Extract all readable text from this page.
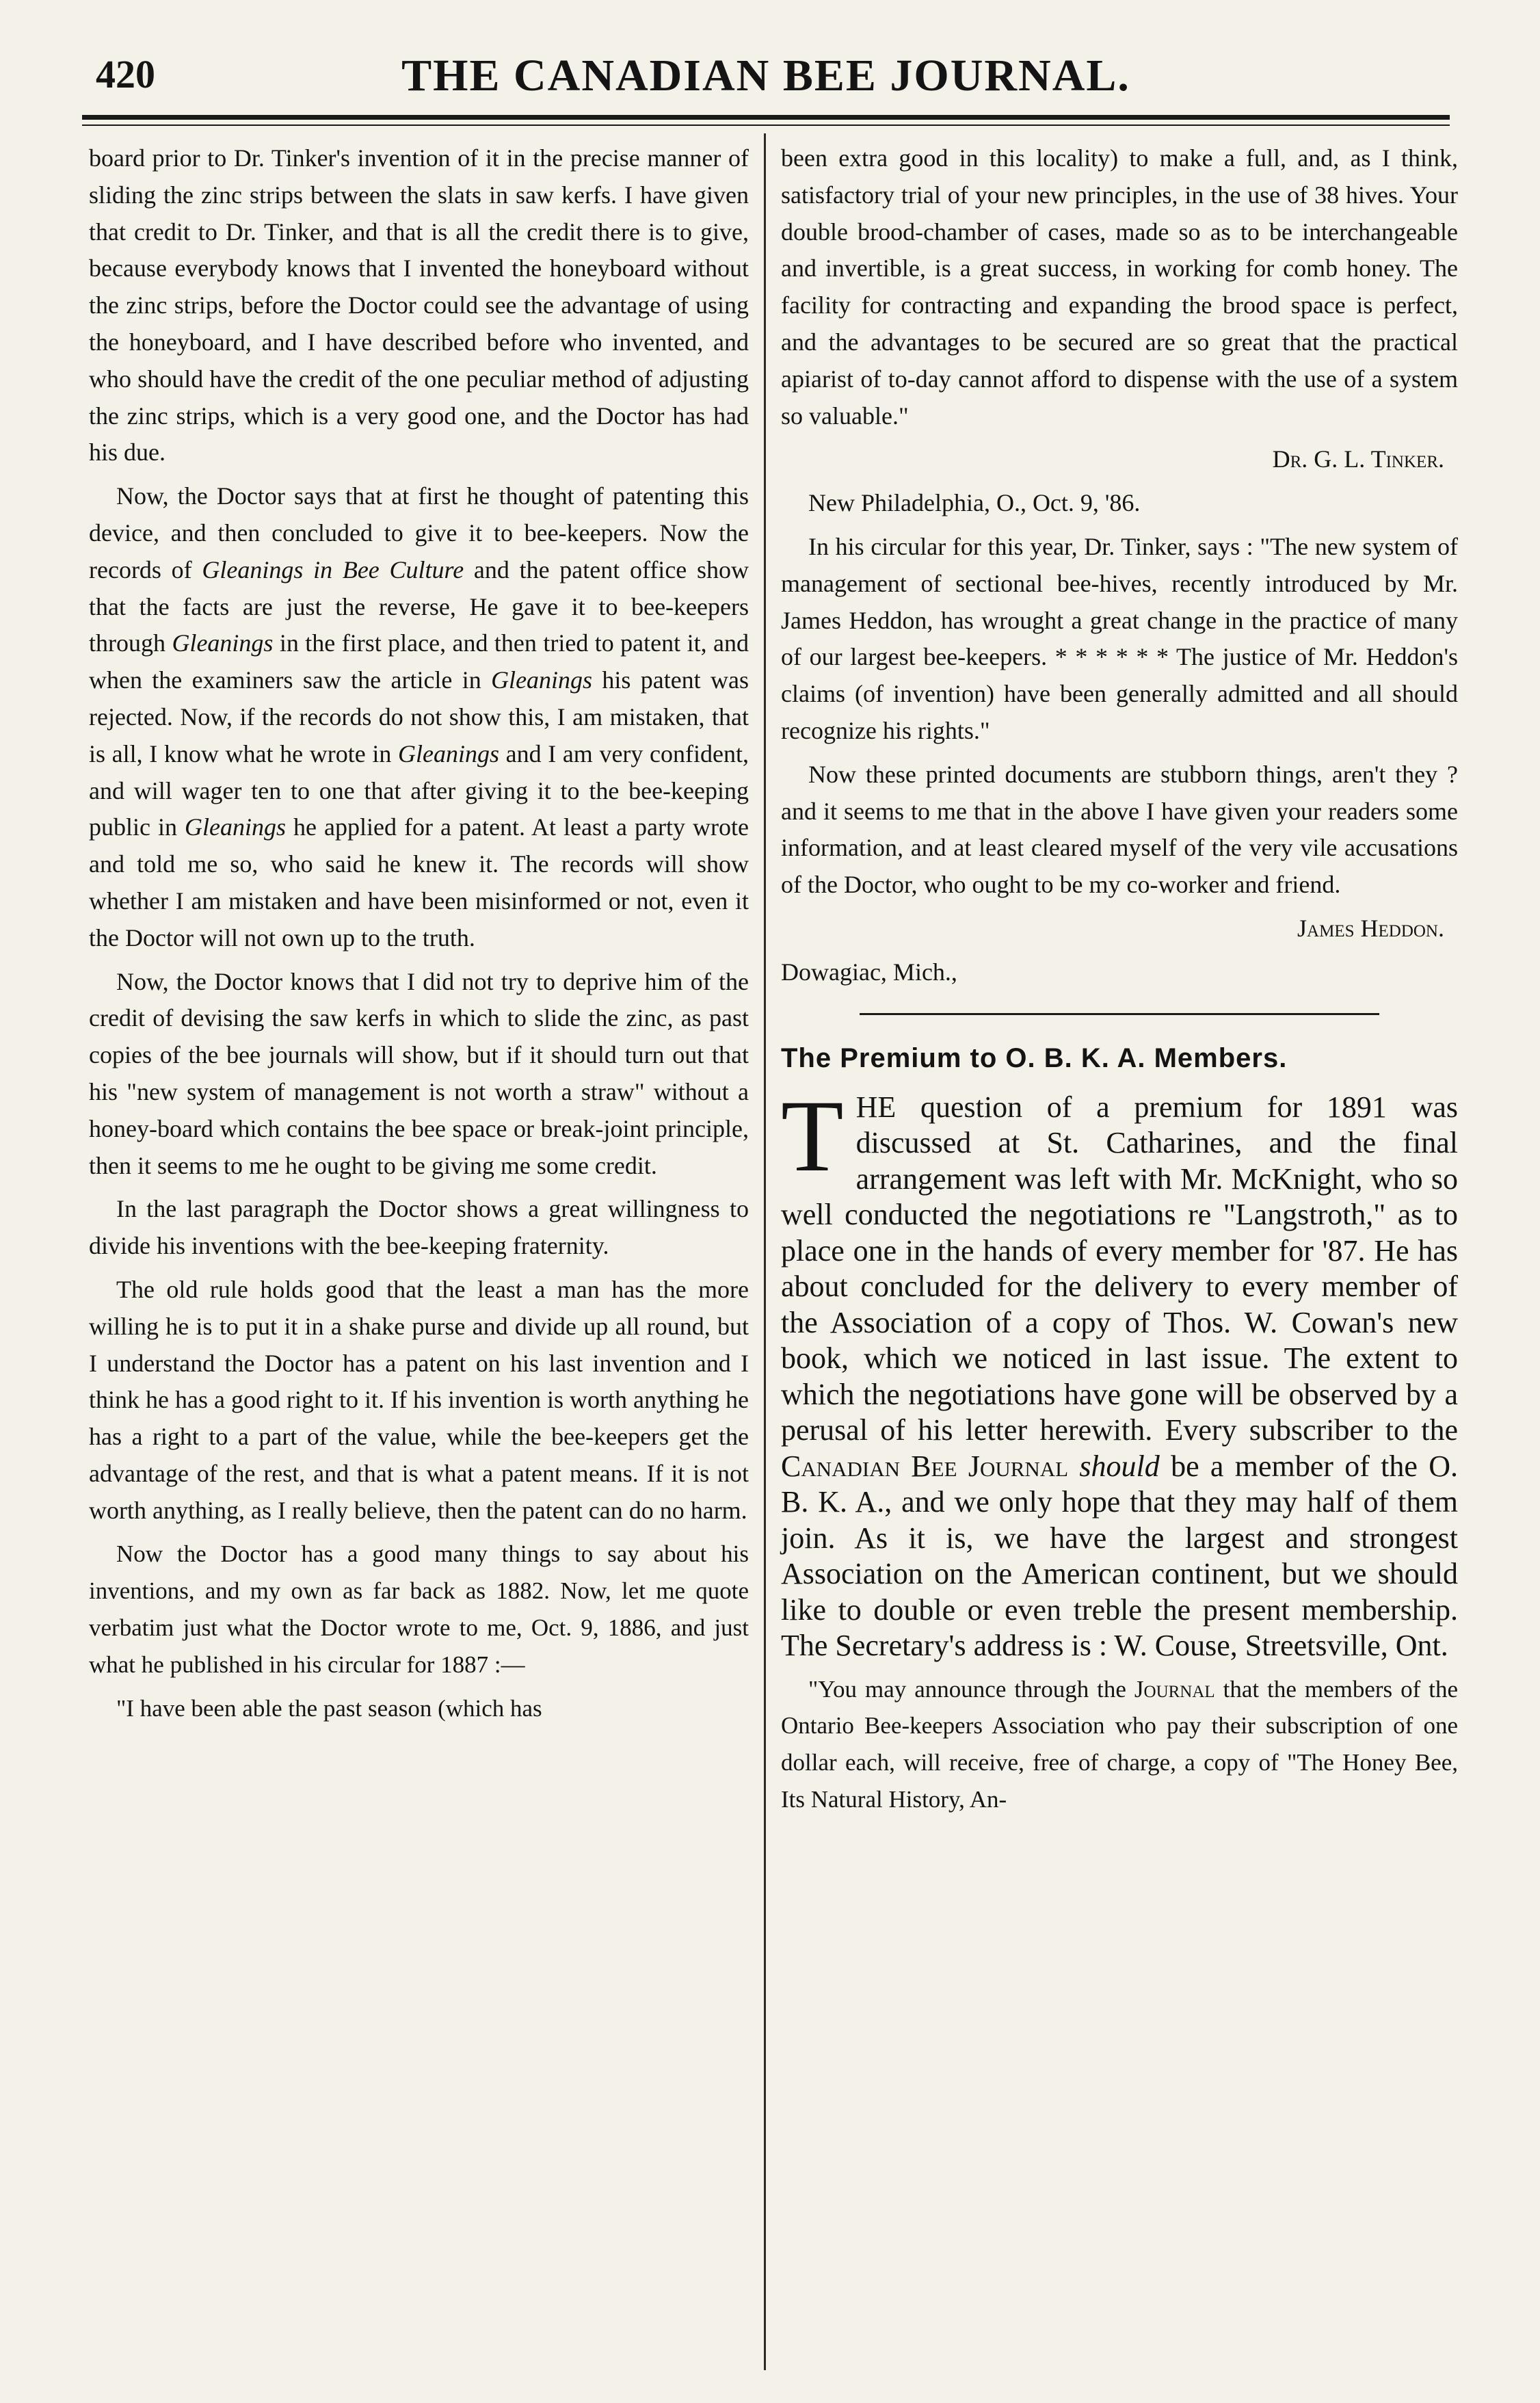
420	THE CANADIAN BEE JOURNAL.

board prior to Dr. Tinker's invention of it in the precise manner of sliding the zinc strips between the slats in saw kerfs. I have given that credit to Dr. Tinker, and that is all the credit there is to give, because everybody knows that I invented the honeyboard without the zinc strips, before the Doctor could see the advantage of using the honeyboard, and I have described before who invented, and who should have the credit of the one peculiar method of adjusting the zinc strips, which is a very good one, and the Doctor has had his due.

Now, the Doctor says that at first he thought of patenting this device, and then concluded to give it to bee-keepers. Now the records of Gleanings in Bee Culture and the patent office show that the facts are just the reverse, He gave it to bee-keepers through Gleanings in the first place, and then tried to patent it, and when the examiners saw the article in Gleanings his patent was rejected. Now, if the records do not show this, I am mistaken, that is all, I know what he wrote in Gleanings and I am very confident, and will wager ten to one that after giving it to the bee-keeping public in Gleanings he applied for a patent. At least a party wrote and told me so, who said he knew it. The records will show whether I am mistaken and have been misinformed or not, even it the Doctor will not own up to the truth.

Now, the Doctor knows that I did not try to deprive him of the credit of devising the saw kerfs in which to slide the zinc, as past copies of the bee journals will show, but if it should turn out that his "new system of management is not worth a straw" without a honey-board which contains the bee space or break-joint principle, then it seems to me he ought to be giving me some credit.

In the last paragraph the Doctor shows a great willingness to divide his inventions with the bee-keeping fraternity.

The old rule holds good that the least a man has the more willing he is to put it in a shake purse and divide up all round, but I understand the Doctor has a patent on his last invention and I think he has a good right to it. If his invention is worth anything he has a right to a part of the value, while the bee-keepers get the advantage of the rest, and that is what a patent means. If it is not worth anything, as I really believe, then the patent can do no harm.

Now the Doctor has a good many things to say about his inventions, and my own as far back as 1882. Now, let me quote verbatim just what the Doctor wrote to me, Oct. 9, 1886, and just what he published in his circular for 1887 :—

"I have been able the past season (which has

been extra good in this locality) to make a full, and, as I think, satisfactory trial of your new principles, in the use of 38 hives. Your double brood-chamber of cases, made so as to be interchangeable and invertible, is a great success, in working for comb honey. The facility for contracting and expanding the brood space is perfect, and the advantages to be secured are so great that the practical apiarist of to-day cannot afford to dispense with the use of a system so valuable."

Dr. G. L. Tinker.

New Philadelphia, O., Oct. 9, '86.

In his circular for this year, Dr. Tinker, says : "The new system of management of sectional bee-hives, recently introduced by Mr. James Heddon, has wrought a great change in the practice of many of our largest bee-keepers. * * * * * * The justice of Mr. Heddon's claims (of invention) have been generally admitted and all should recognize his rights."

Now these printed documents are stubborn things, aren't they ? and it seems to me that in the above I have given your readers some information, and at least cleared myself of the very vile accusations of the Doctor, who ought to be my co-worker and friend.

James Heddon.

Dowagiac, Mich.,

The Premium to O. B. K. A. Members.

THE question of a premium for 1891 was discussed at St. Catharines, and the final arrangement was left with Mr. McKnight, who so well conducted the negotiations re "Langstroth," as to place one in the hands of every member for '87. He has about concluded for the delivery to every member of the Association of a copy of Thos. W. Cowan's new book, which we noticed in last issue. The extent to which the negotiations have gone will be observed by a perusal of his letter herewith. Every subscriber to the Canadian Bee Journal should be a member of the O. B. K. A., and we only hope that they may half of them join. As it is, we have the largest and strongest Association on the American continent, but we should like to double or even treble the present membership. The Secretary's address is : W. Couse, Streetsville, Ont.

"You may announce through the Journal that the members of the Ontario Bee-keepers Association who pay their subscription of one dollar each, will receive, free of charge, a copy of "The Honey Bee, Its Natural History, An-
